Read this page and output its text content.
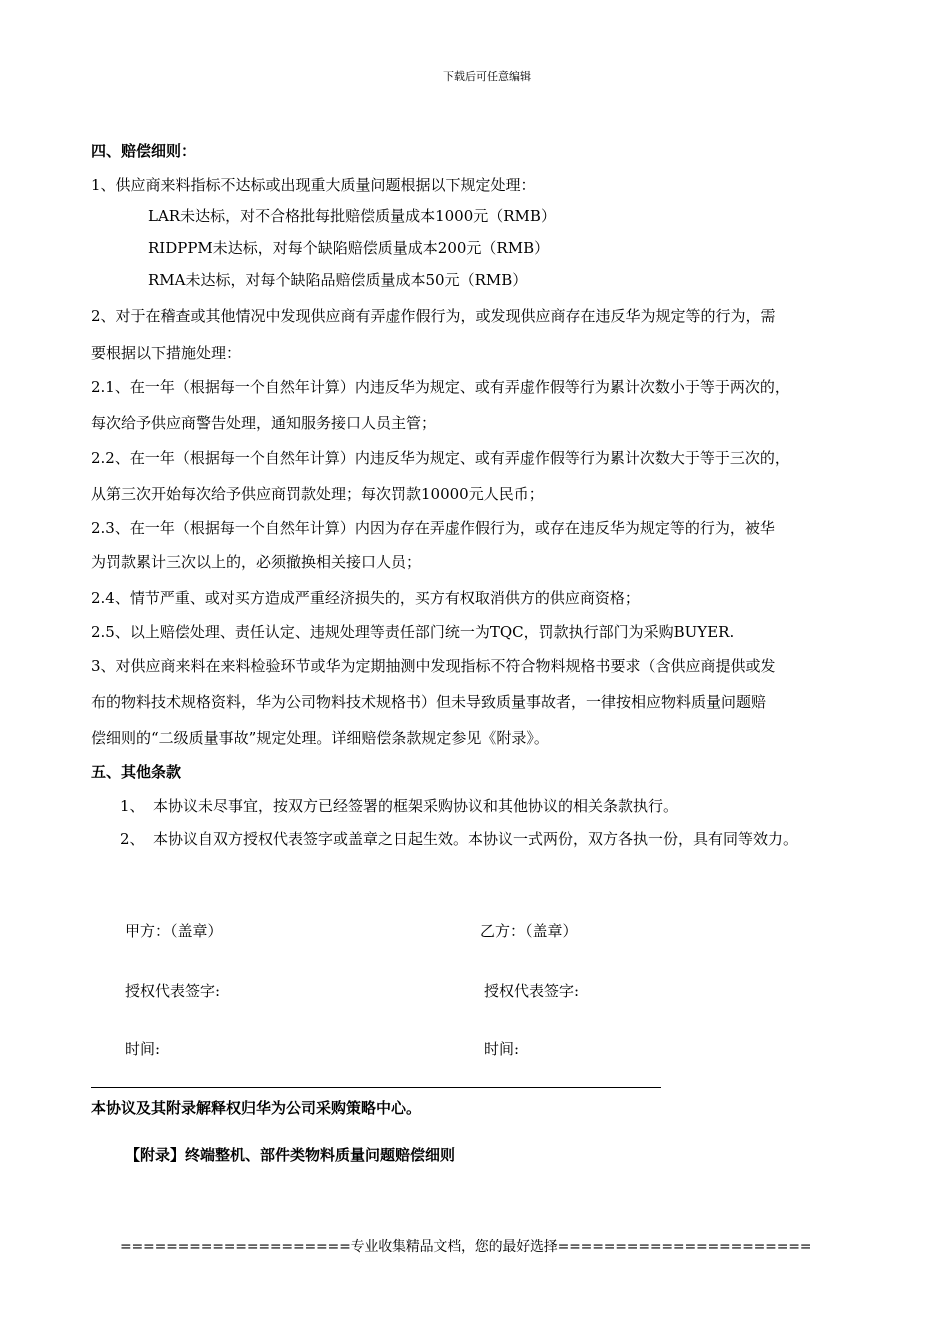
下载后可任意编辑
四、赔偿细则：
1、供应商来料指标不达标或出现重大质量问题根据以下规定处理：
LAR未达标，对不合格批每批赔偿质量成本1000元（RMB）
RIDPPM未达标，对每个缺陷赔偿质量成本200元（RMB）
RMA未达标，对每个缺陷品赔偿质量成本50元（RMB）
2、对于在稽查或其他情况中发现供应商有弄虚作假行为，或发现供应商存在违反华为规定等的行为，需
要根据以下措施处理：
2.1、在一年（根据每一个自然年计算）内违反华为规定、或有弄虚作假等行为累计次数小于等于两次的，
每次给予供应商警告处理，通知服务接口人员主管；
2.2、在一年（根据每一个自然年计算）内违反华为规定、或有弄虚作假等行为累计次数大于等于三次的，
从第三次开始每次给予供应商罚款处理；每次罚款10000元人民币；
2.3、在一年（根据每一个自然年计算）内因为存在弄虚作假行为，或存在违反华为规定等的行为，被华
为罚款累计三次以上的，必须撤换相关接口人员；
2.4、情节严重、或对买方造成严重经济损失的，买方有权取消供方的供应商资格；
2.5、以上赔偿处理、责任认定、违规处理等责任部门统一为TQC，罚款执行部门为采购BUYER.
3、对供应商来料在来料检验环节或华为定期抽测中发现指标不符合物料规格书要求（含供应商提供或发
布的物料技术规格资料，华为公司物料技术规格书）但未导致质量事故者，一律按相应物料质量问题赔
偿细则的“二级质量事故”规定处理。详细赔偿条款规定参见《附录》。
五、其他条款
1、 本协议未尽事宜，按双方已经签署的框架采购协议和其他协议的相关条款执行。
2、 本协议自双方授权代表签字或盖章之日起生效。本协议一式两份，双方各执一份，具有同等效力。
甲方：（盖章）	乙方：（盖章）
授权代表签字:	授权代表签字:
时间:	时间:
本协议及其附录解释权归华为公司采购策略中心。
【附录】终端整机、部件类物料质量问题赔偿细则
====================专业收集精品文档，您的最好选择======================
